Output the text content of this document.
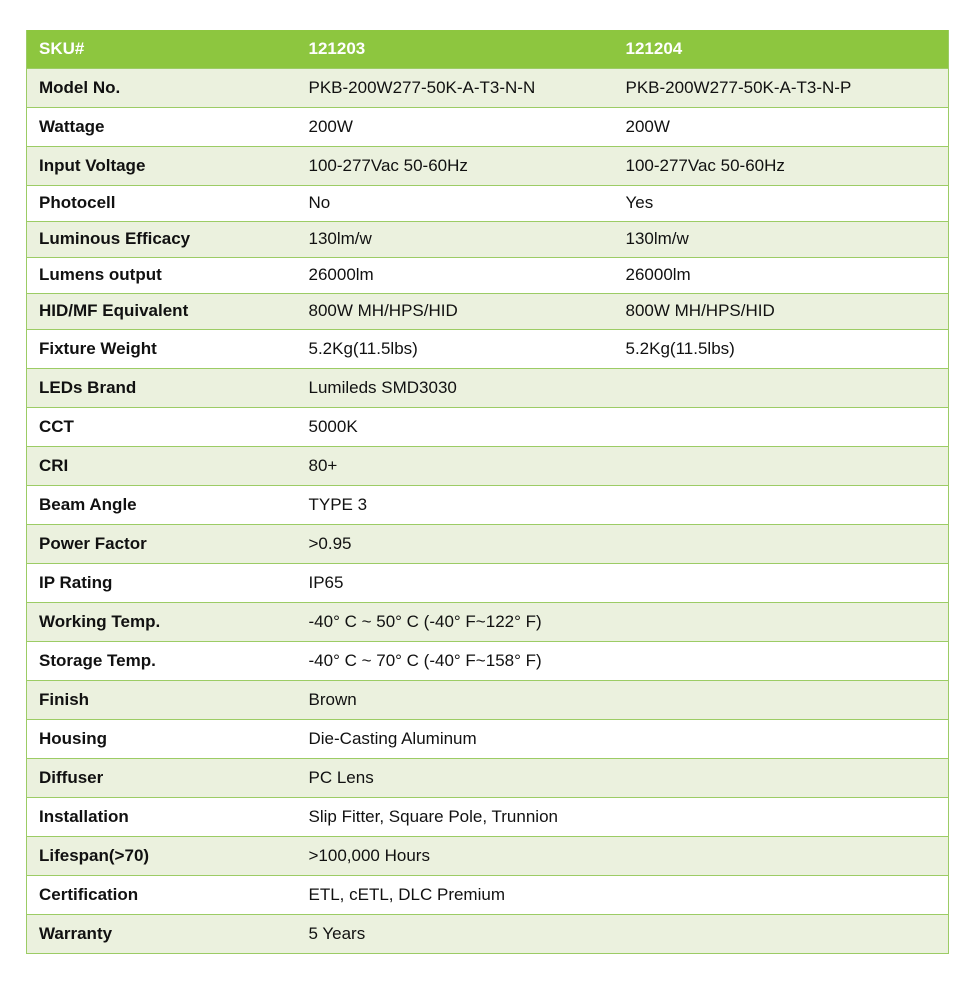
SKU#	121203	121204
Model No.	PKB-200W277-50K-A-T3-N-N	PKB-200W277-50K-A-T3-N-P
Wattage	200W	200W
Input Voltage	100-277Vac 50-60Hz	100-277Vac 50-60Hz
Photocell	No	Yes
Luminous Efficacy	130lm/w	130lm/w
Lumens output	26000lm	26000lm
HID/MF Equivalent	800W MH/HPS/HID	800W MH/HPS/HID
Fixture Weight	5.2Kg(11.5lbs)	5.2Kg(11.5lbs)
LEDs Brand	Lumileds SMD3030	
CCT	5000K	
CRI	80+	
Beam Angle	TYPE 3	
Power Factor	>0.95	
IP Rating	IP65	
Working Temp.	-40° C ~ 50° C (-40° F~122° F)	
Storage Temp.	-40° C ~ 70° C (-40° F~158° F)	
Finish	Brown	
Housing	Die-Casting Aluminum	
Diffuser	PC Lens	
Installation	Slip Fitter, Square Pole, Trunnion	
Lifespan(>70)	>100,000 Hours	
Certification	ETL, cETL, DLC Premium	
Warranty	5 Years	
